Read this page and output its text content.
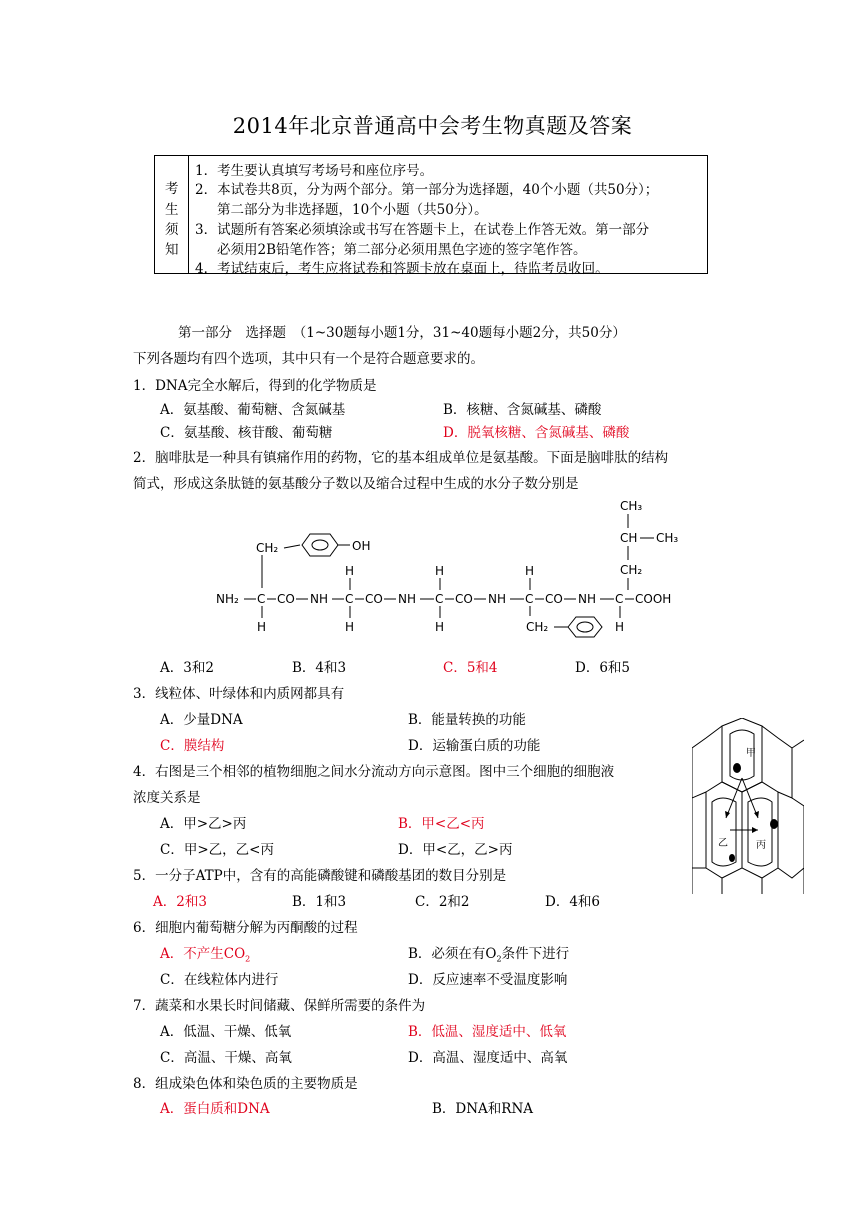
2014年北京普通高中会考生物真题及答案
考
生
须
知
1．考生要认真填写考场号和座位序号。
2．本试卷共8页，分为两个部分。第一部分为选择题，40个小题（共50分）；
第二部分为非选择题，10个小题（共50分）。
3．试题所有答案必须填涂或书写在答题卡上，在试卷上作答无效。第一部分
必须用2B铅笔作答；第二部分必须用黑色字迹的签字笔作答。
4．考试结束后，考生应将试卷和答题卡放在桌面上，待监考员收回。
第一部分　选择题　（1~30题每小题1分，31~40题每小题2分，共50分）
下列各题均有四个选项，其中只有一个是符合题意要求的。
1．DNA完全水解后，得到的化学物质是
A．氨基酸、葡萄糖、含氮碱基	B．核糖、含氮碱基、磷酸
C．氨基酸、核苷酸、葡萄糖	D．脱氧核糖、含氮碱基、磷酸
2．脑啡肽是一种具有镇痛作用的药物，它的基本组成单位是氨基酸。下面是脑啡肽的结构
简式，形成这条肽链的氨基酸分子数以及缩合过程中生成的水分子数分别是
CH₂	OH
NH₂ C CO NH C CO NH C CO NH C CO NH C COOH
H	H	H	CH₂	H
H	H	H
CH₃
CH CH₃
CH₂
A．3和2	B．4和3	C．5和4	D．6和5
3．线粒体、叶绿体和内质网都具有
A．少量DNA	B．能量转换的功能
C．膜结构	D．运输蛋白质的功能
4．右图是三个相邻的植物细胞之间水分流动方向示意图。图中三个细胞的细胞液
浓度关系是
A．甲>乙>丙	B．甲<乙<丙
C．甲>乙，乙<丙	D．甲<乙，乙>丙
甲
乙	丙
5．一分子ATP中，含有的高能磷酸键和磷酸基团的数目分别是
A．2和3	B．1和3	C．2和2	D．4和6
6．细胞内葡萄糖分解为丙酮酸的过程
A．不产生$CO_2$	B．必须在有$O_2$条件下进行
C．在线粒体内进行	D．反应速率不受温度影响
7．蔬菜和水果长时间储藏、保鲜所需要的条件为
A．低温、干燥、低氧	B．低温、湿度适中、低氧
C．高温、干燥、高氧	D．高温、湿度适中、高氧
8．组成染色体和染色质的主要物质是
A．蛋白质和DNA	B．DNA和RNA
